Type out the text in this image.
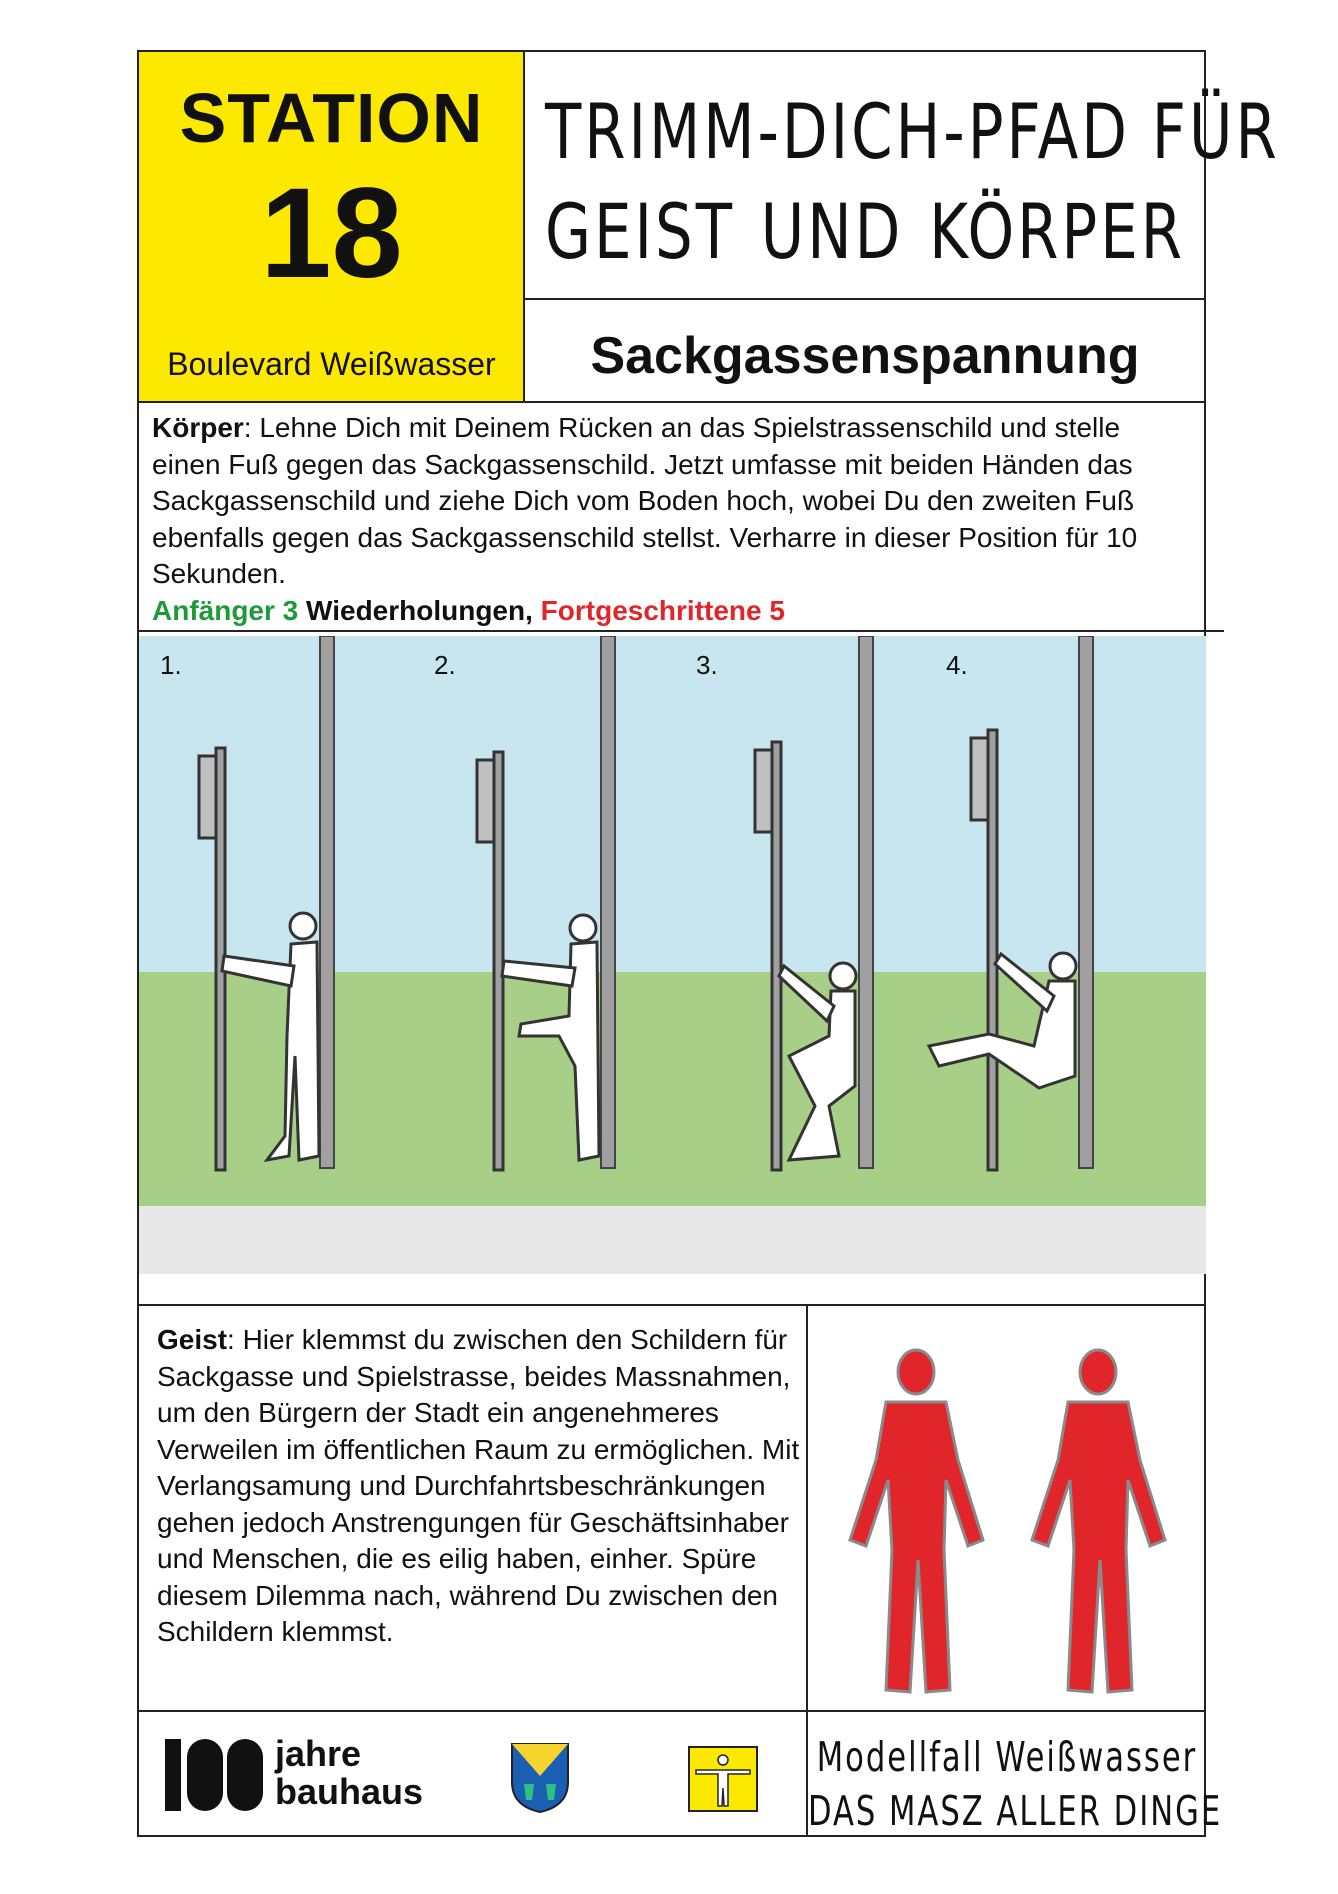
STATION
18
Boulevard Weißwasser
TRIMM-DICH-PFAD FÜR
GEIST UND KÖRPER
Sackgassenspannung
Körper: Lehne Dich mit Deinem Rücken an das Spielstrassenschild und stelle einen Fuß gegen das Sackgassenschild. Jetzt umfasse mit beiden Händen das Sackgassenschild und ziehe Dich vom Boden hoch, wobei Du den zweiten Fuß ebenfalls gegen das Sackgassenschild stellst. Verharre in dieser Position für 10 Sekunden.
Anfänger 3 Wiederholungen, Fortgeschrittene 5
1.	2.	3.	4.
Geist: Hier klemmst du zwischen den Schildern für Sackgasse und Spielstrasse, beides Massnahmen, um den Bürgern der Stadt ein angenehmeres Verweilen im öffentlichen Raum zu ermöglichen. Mit Verlangsamung und Durchfahrtsbeschränkungen gehen jedoch Anstrengungen für Geschäftsinhaber und Menschen, die es eilig haben, einher. Spüre diesem Dilemma nach, während Du zwischen den Schildern klemmst.
jahre
bauhaus
Modellfall Weißwasser
DAS MASZ ALLER DINGE
